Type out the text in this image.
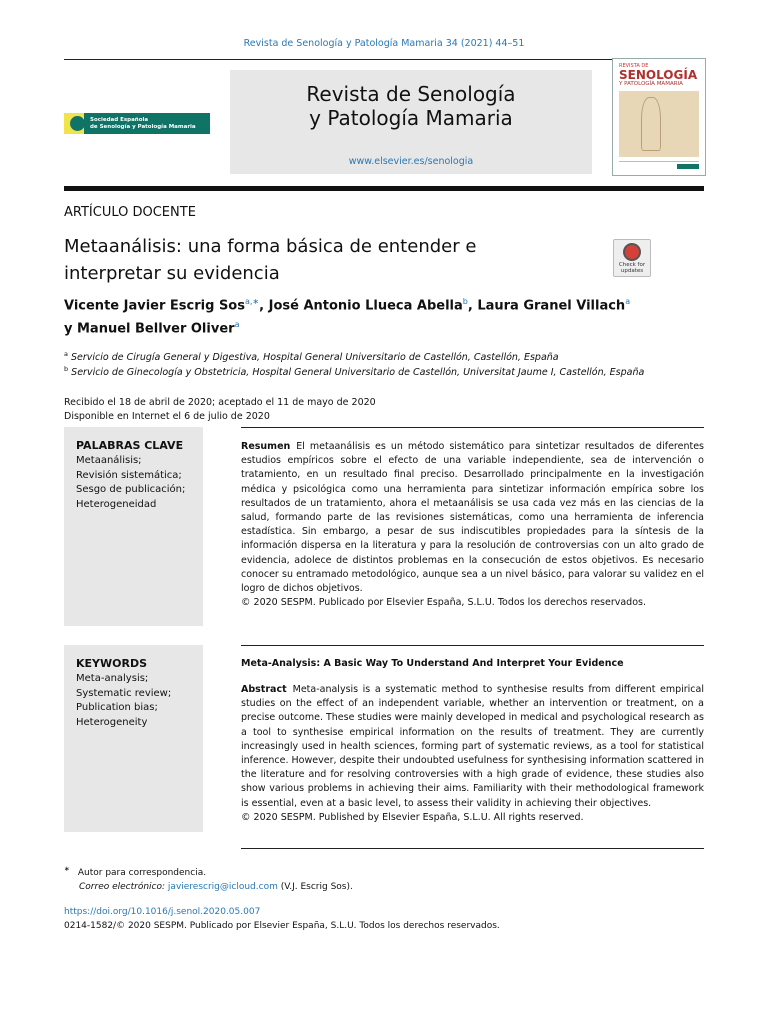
Revista de Senología y Patología Mamaria 34 (2021) 44–51
Sociedad Española
de Senología y Patología Mamaria
Revista de Senología
y Patología Mamaria
www.elsevier.es/senologia
REVISTA DE
SENOLOGÍA
Y PATOLOGÍA MAMARIA
ARTÍCULO DOCENTE
Metaanálisis: una forma básica de entender e
interpretar su evidencia	Check for
updates
Vicente Javier Escrig Sos$^{a,∗}$, José Antonio Llueca Abella$^b$, Laura Granel Villach$^a$
y Manuel Bellver Oliver$^a$
$^a$ Servicio de Cirugía General y Digestiva, Hospital General Universitario de Castellón, Castellón, España
$^b$ Servicio de Ginecología y Obstetricia, Hospital General Universitario de Castellón, Universitat Jaume I, Castellón, España
Recibido el 18 de abril de 2020; aceptado el 11 de mayo de 2020
Disponible en Internet el 6 de julio de 2020
PALABRAS CLAVE
Metaanálisis;
Revisión sistemática;
Sesgo de publicación;
Heterogeneidad
Resumen El metaanálisis es un método sistemático para sintetizar resultados de diferentes estudios empíricos sobre el efecto de una variable independiente, sea de intervención o tratamiento, en un resultado final preciso. Desarrollado principalmente en la investigación médica y psicológica como una herramienta para sintetizar información empírica sobre los resultados de un tratamiento, ahora el metaanálisis se usa cada vez más en las ciencias de la salud, formando parte de las revisiones sistemáticas, como una herramienta de inferencia estadística. Sin embargo, a pesar de sus indiscutibles propiedades para la síntesis de la información dispersa en la literatura y para la resolución de controversias con un alto grado de evidencia, adolece de distintos problemas en la consecución de estos objetivos. Es necesario conocer su entramado metodológico, aunque sea a un nivel básico, para valorar su validez en el logro de dichos objetivos.
© 2020 SESPM. Publicado por Elsevier España, S.L.U. Todos los derechos reservados.
KEYWORDS
Meta-analysis;
Systematic review;
Publication bias;
Heterogeneity
Meta-Analysis: A Basic Way To Understand And Interpret Your Evidence
Abstract Meta-analysis is a systematic method to synthesise results from different empirical studies on the effect of an independent variable, whether an intervention or treatment, on a precise outcome. These studies were mainly developed in medical and psychological research as a tool to synthesise empirical information on the results of treatment. They are currently increasingly used in health sciences, forming part of systematic reviews, as a tool for statistical inference. However, despite their undoubted usefulness for synthesising information scattered in the literature and for resolving controversies with a high grade of evidence, these studies also show various problems in achieving their aims. Familiarity with their methodological framework is essential, even at a basic level, to assess their validity in achieving their objectives.
© 2020 SESPM. Published by Elsevier España, S.L.U. All rights reserved.
∗ Autor para correspondencia.
Correo electrónico: javierescrig@icloud.com (V.J. Escrig Sos).
https://doi.org/10.1016/j.senol.2020.05.007
0214-1582/© 2020 SESPM. Publicado por Elsevier España, S.L.U. Todos los derechos reservados.
